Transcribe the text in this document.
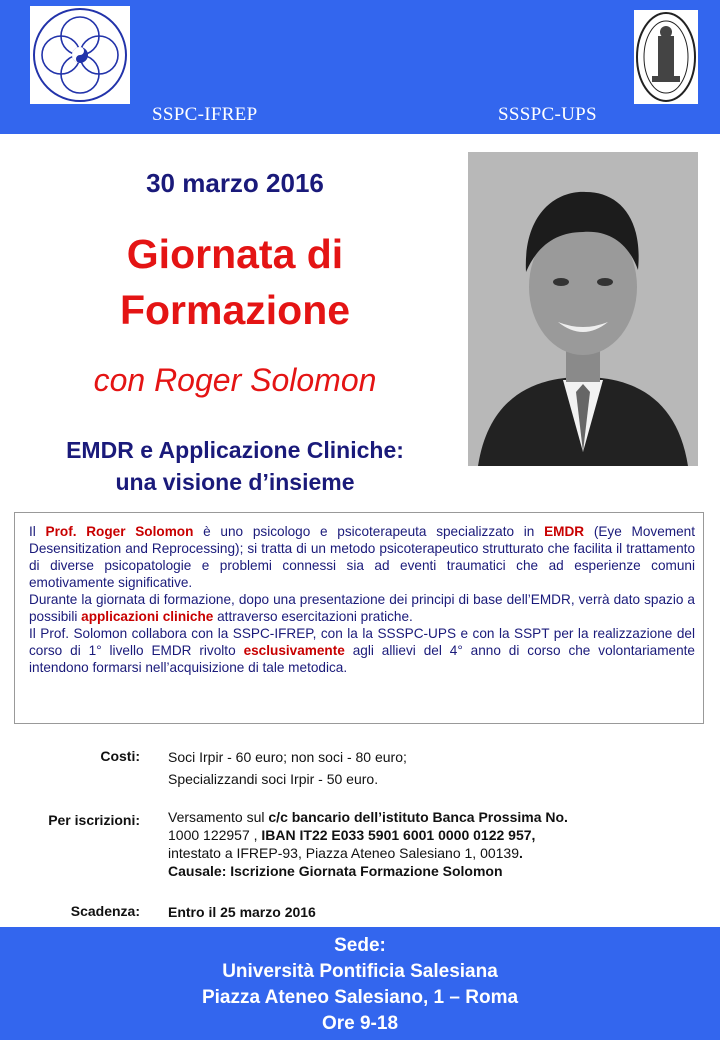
SSPC-IFREP	SSSPC-UPS
30 marzo 2016
Giornata di
Formazione
con Roger Solomon
EMDR e Applicazione Cliniche:
una visione d’insieme

Il Prof. Roger Solomon è uno psicologo e psicoterapeuta specializzato in EMDR (Eye Movement Desensitization and Reprocessing); si tratta di un metodo psicoterapeutico strutturato che facilita il trattamento di diverse psicopatologie e problemi connessi sia ad eventi traumatici che ad esperienze comuni emotivamente significative.

Durante la giornata di formazione, dopo una presentazione dei principi di base dell’EMDR, verrà dato spazio a possibili applicazioni cliniche attraverso esercitazioni pratiche.

Il Prof. Solomon collabora con la SSPC-IFREP, con la la SSSPC-UPS e con la SSPT per la realizzazione del corso di 1° livello EMDR rivolto esclusivamente agli allievi del 4° anno di corso che volontariamente intendono formarsi nell’acquisizione di tale metodica.

Costi: Soci Irpir - 60 euro; non soci - 80 euro;
Specializzandi soci Irpir - 50 euro.
Per iscrizioni: Versamento sul c/c bancario dell’istituto Banca Prossima No.
1000 122957 , IBAN IT22 E033 5901 6001 0000 0122 957,
intestato a IFREP-93, Piazza Ateneo Salesiano 1, 00139.
Causale: Iscrizione Giornata Formazione Solomon
Scadenza: Entro il 25 marzo 2016
Sede:
Università Pontificia Salesiana
Piazza Ateneo Salesiano, 1 – Roma
Ore 9-18
